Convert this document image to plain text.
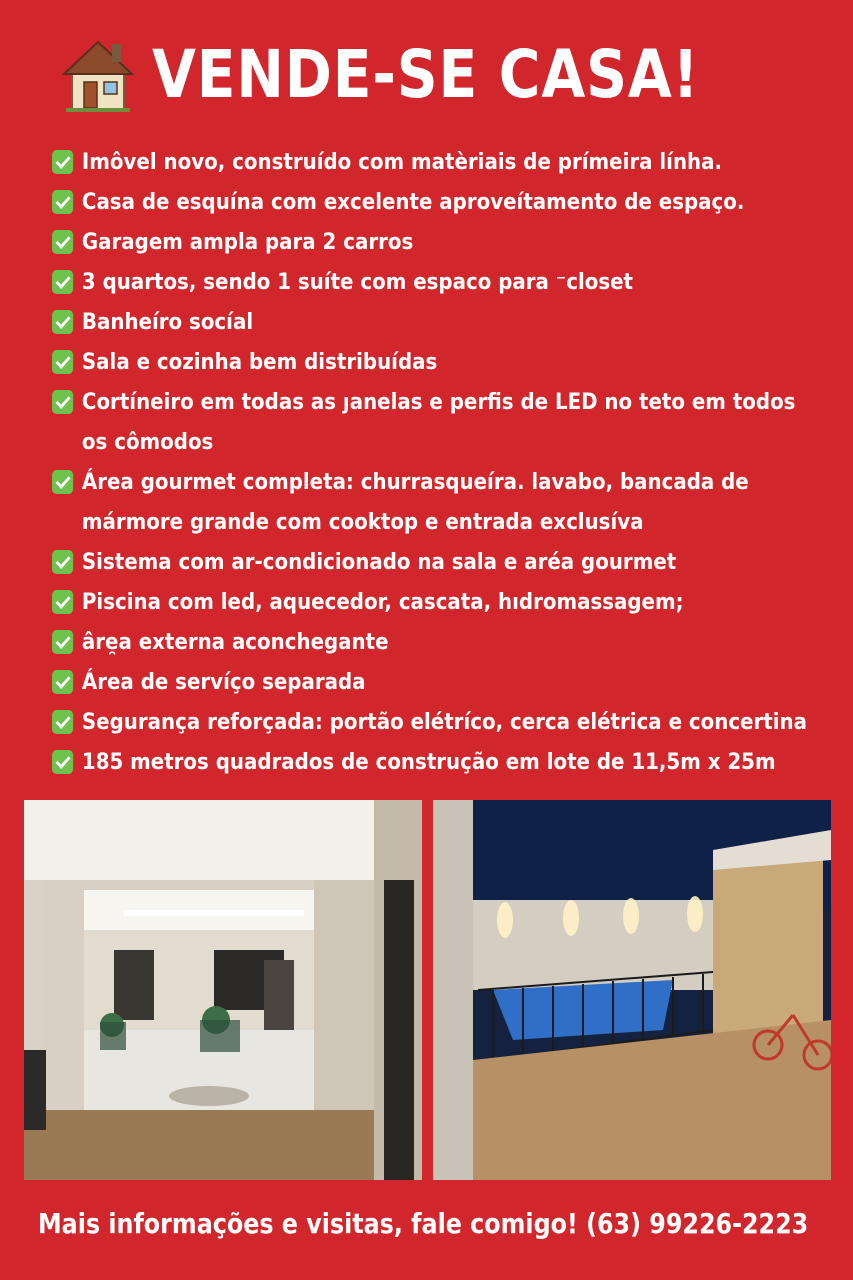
VENDE-SE CASA!
Imôvel novo, construído com matèriais de prímeira línha.
Casa de esquína com excelente aproveítamento de espaço.
Garagem ampla para 2 carros
3 quartos, sendo 1 suíte com espaco para ⁻closet
Banheíro socíal
Sala e cozinha bem distribuídas
Cortíneiro em todas as ȷanelas e perfis de LED no teto em todos
os cômodos
Área gourmet completa: churrasqueíra. lavabo, bancada de
mármore grande com cooktop e entrada exclusíva
Sistema com ar-condicionado na sala e aréa gourmet
Piscina com led, aquecedor, cascata, hıdromassagem;
âre̯a externa aconchegante
Área de servíço separada
Segurança reforçada: portão elétríco, cerca elétrica e concertina
185 metros quadrados de construção em lote de 11,5m x 25m
Mais informações e visitas, fale comigo! (63) 99226-2223
